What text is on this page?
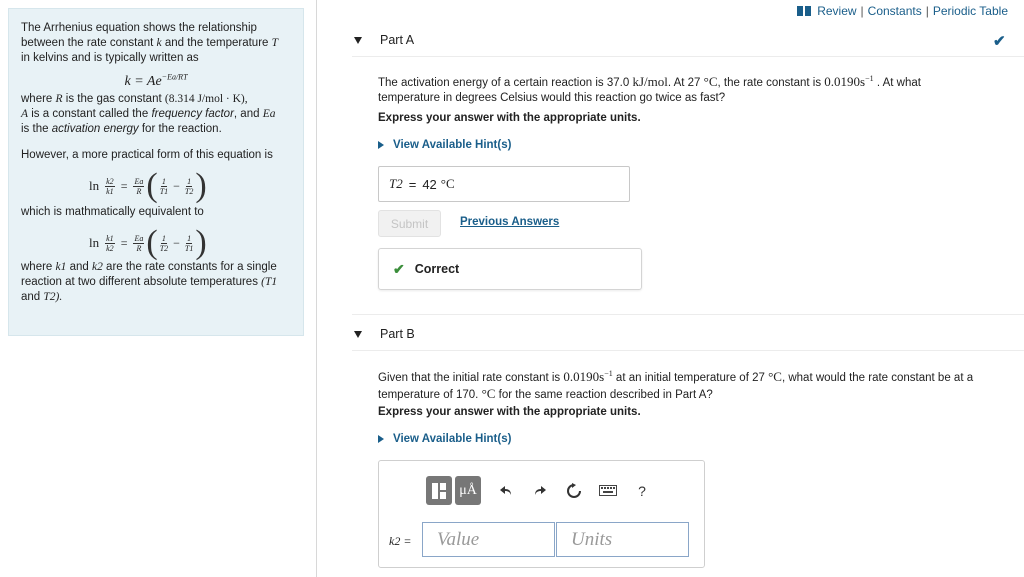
The Arrhenius equation shows the relationship
between the rate constant k and the temperature T
in kelvins and is typically written as

$k = Ae^{-Ea/RT}$

where R is the gas constant (8.314 J/mol · K),
A is a constant called the frequency factor, and Ea
is the activation energy for the reaction.

However, a more practical form of this equation is

$\ln \frac{k2}{k1} = \frac{Ea}{R}$ ( $\frac{1}{T1} - \frac{1}{T2}$ )

which is mathmatically equivalent to

$\ln \frac{k1}{k2} = \frac{Ea}{R}$ ( $\frac{1}{T2} - \frac{1}{T1}$ )

where k1 and k2 are the rate constants for a single
reaction at two different absolute temperatures (T1
and T2).

Review | Constants | Periodic Table
Part A	✔
The activation energy of a certain reaction is 37.0 kJ/mol. At 27 °C, the rate constant is $0.0190s^{-1}$ . At what
temperature in degrees Celsius would this reaction go twice as fast?
Express your answer with the appropriate units.
View Available Hint(s)
T2 = 42 °C
Submit	Previous Answers
✔ Correct
Part B
Given that the initial rate constant is $0.0190s^{-1}$ at an initial temperature of 27 °C, what would the rate constant be at a
temperature of 170. °C for the same reaction described in Part A?
Express your answer with the appropriate units.
View Available Hint(s)
μÅ	?
k2 =	Value	Units
